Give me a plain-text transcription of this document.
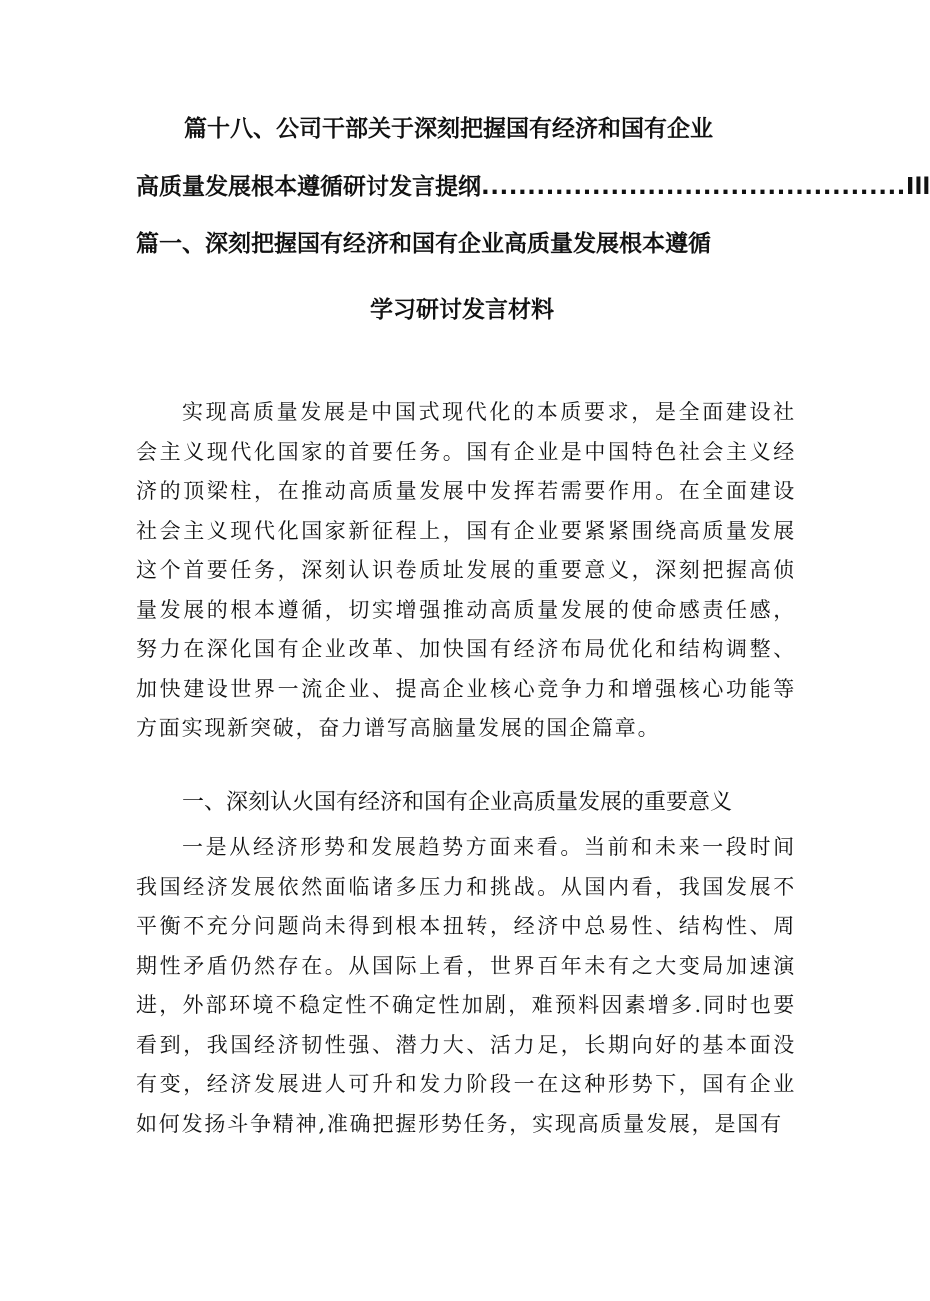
篇十八、公司干部关于深刻把握国有经济和国有企业
高质量发展根本遵循研讨发言提纲..............................................Ill
篇一、深刻把握国有经济和国有企业高质量发展根本遵循
学习研讨发言材料

实现高质量发展是中国式现代化的本质要求，是全面建设社会主义现代化国家的首要任务。国有企业是中国特色社会主义经济的顶梁柱，在推动高质量发展中发挥若需要作用。在全面建设社会主义现代化国家新征程上，国有企业要紧紧围绕高质量发展这个首要任务，深刻认识卷质址发展的重要意义，深刻把握高侦量发展的根本遵循，切实增强推动高质量发展的使命感责任感，努力在深化国有企业改革、加快国有经济布局优化和结构调整、加快建设世界一流企业、提高企业核心竞争力和增强核心功能等方面实现新突破，奋力谱写高脑量发展的国企篇章。

一、深刻认火国有经济和国有企业高质量发展的重要意义

一是从经济形势和发展趋势方面来看。当前和未来一段时间我国经济发展依然面临诸多压力和挑战。从国内看，我国发展不平衡不充分问题尚未得到根本扭转，经济中总易性、结构性、周期性矛盾仍然存在。从国际上看，世界百年未有之大变局加速演进，外部环境不稳定性不确定性加剧，难预料因素增多.同时也要看到，我国经济韧性强、潜力大、活力足，长期向好的基本面没有变，经济发展进人可升和发力阶段一在这种形势下，国有企业如何发扬斗争精神,准确把握形势任务，实现高质量发展，是国有
